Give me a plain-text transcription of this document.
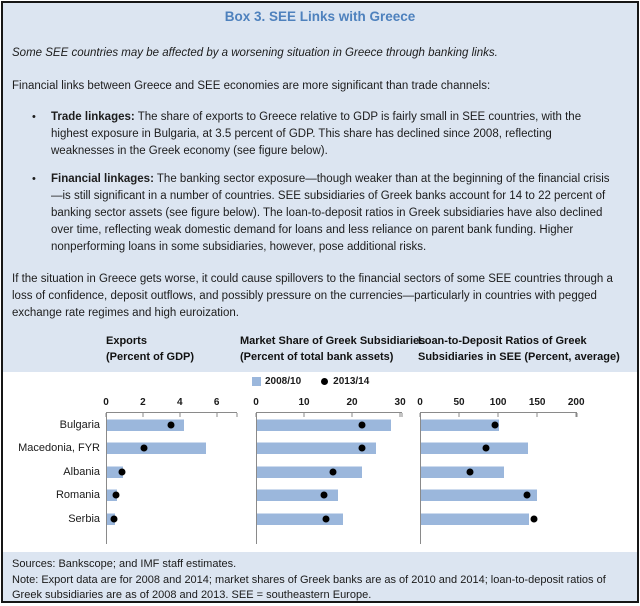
Box 3. SEE Links with Greece
Some SEE countries may be affected by a worsening situation in Greece through banking links.
Financial links between Greece and SEE economies are more significant than trade channels:
•	Trade linkages: The share of exports to Greece relative to GDP is fairly small in SEE countries, with the highest exposure in Bulgaria, at 3.5 percent of GDP. This share has declined since 2008, reflecting weaknesses in the Greek economy (see figure below).
•	Financial linkages: The banking sector exposure—though weaker than at the beginning of the financial crisis—is still significant in a number of countries. SEE subsidiaries of Greek banks account for 14 to 22 percent of banking sector assets (see figure below). The loan-to-deposit ratios in Greek subsidiaries have also declined over time, reflecting weak domestic demand for loans and less reliance on parent bank funding. Higher nonperforming loans in some subsidiaries, however, pose additional risks.
If the situation in Greece gets worse, it could cause spillovers to the financial sectors of some SEE countries through a loss of confidence, deposit outflows, and possibly pressure on the currencies—particularly in countries with pegged exchange rate regimes and high euroization.
Exports
(Percent of GDP)
Market Share of Greek Subsidiaries
(Percent of total bank assets)
Loan-to-Deposit Ratios of Greek
Subsidiaries in SEE (Percent, average)
2008/10	2013/14
Bulgaria
Macedonia, FYR
Albania
Romania
Serbia
0	2	4	6	0	10	20	30 0	50	100 150 200
Sources: Bankscope; and IMF staff estimates.
Note: Export data are for 2008 and 2014; market shares of Greek banks are as of 2010 and 2014; loan-to-deposit ratios of Greek subsidiaries are as of 2008 and 2013. SEE = southeastern Europe.
